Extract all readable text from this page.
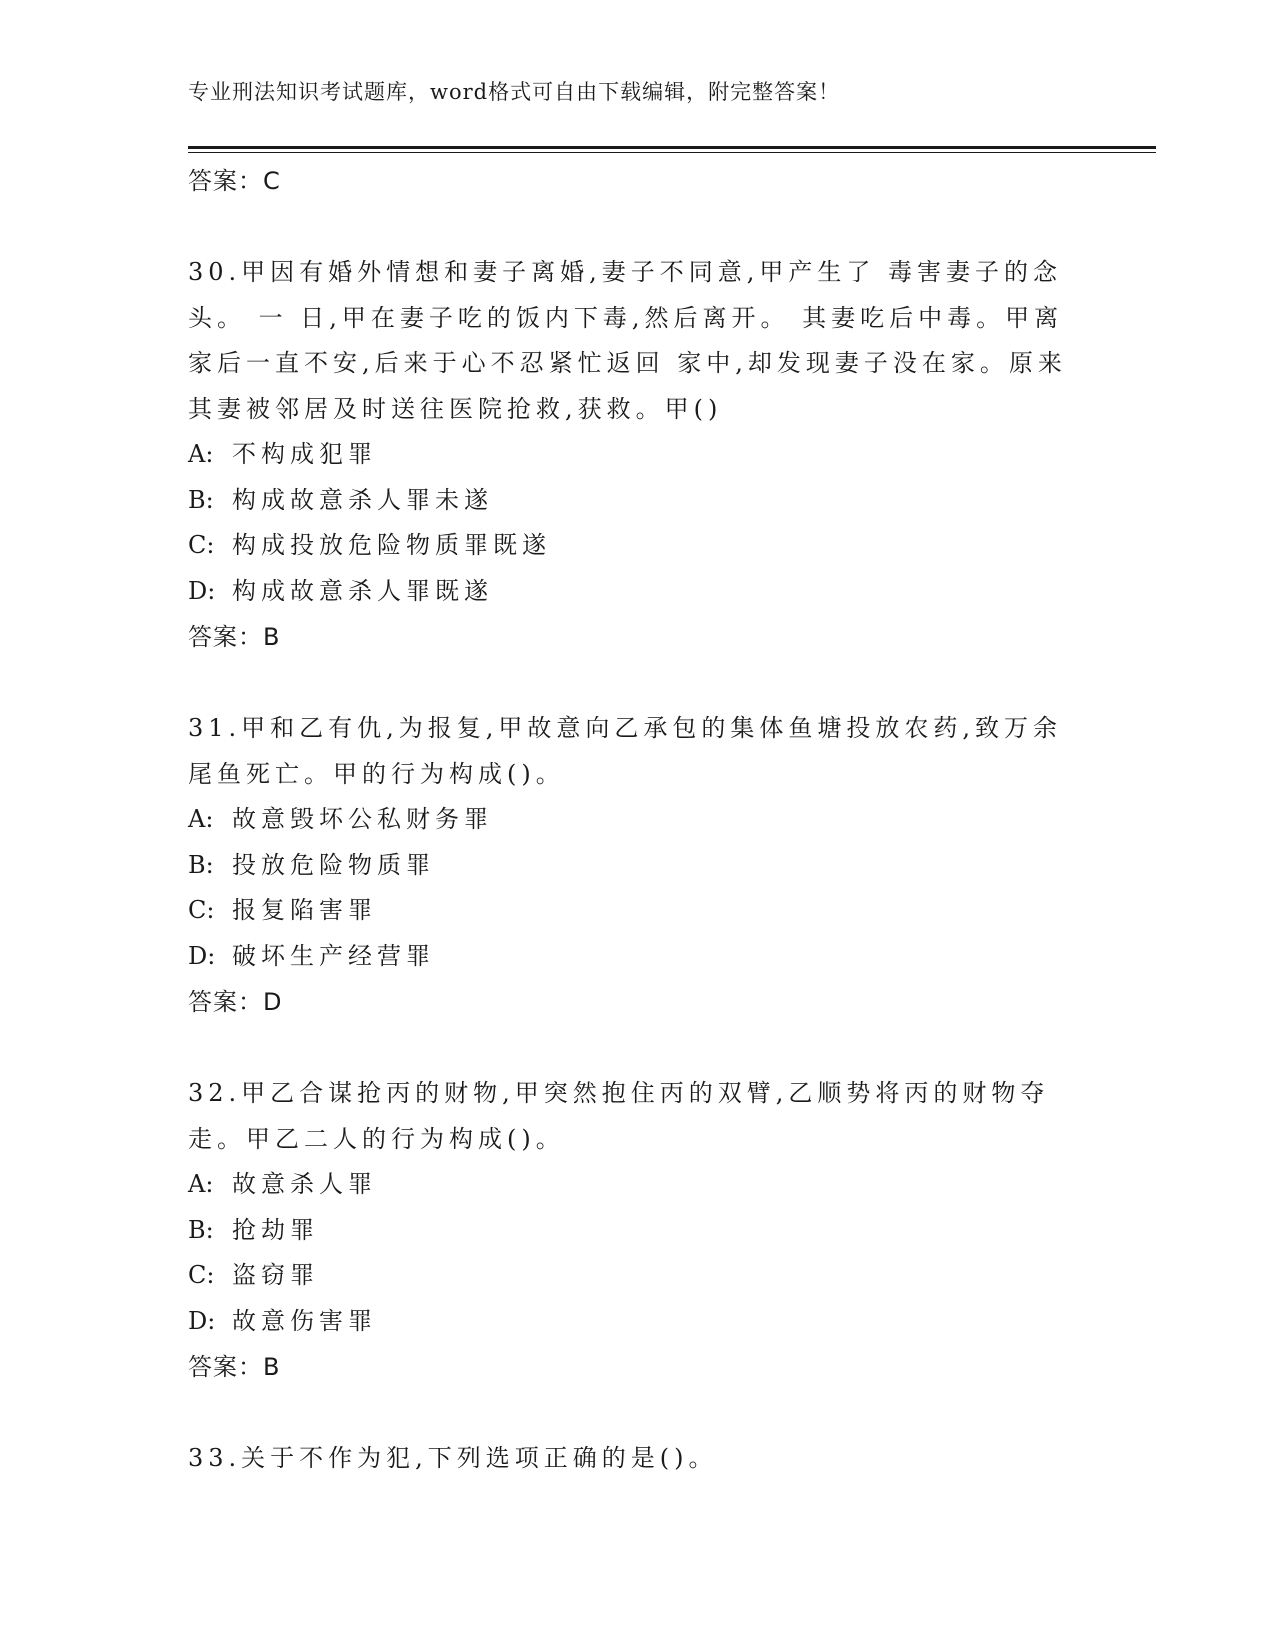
专业刑法知识考试题库，word格式可自由下载编辑，附完整答案！
答案：C

30.甲因有婚外情想和妻子离婚,妻子不同意,甲产生了 毒害妻子的念头。 一 日,甲在妻子吃的饭内下毒,然后离开。 其妻吃后中毒。甲离家后一直不安,后来于心不忍紧忙返回 家中,却发现妻子没在家。原来其妻被邻居及时送往医院抢救,获救。甲()

A: 不构成犯罪
B: 构成故意杀人罪未遂
C: 构成投放危险物质罪既遂
D: 构成故意杀人罪既遂
答案：B

31.甲和乙有仇,为报复,甲故意向乙承包的集体鱼塘投放农药,致万余尾鱼死亡。甲的行为构成()。

A: 故意毁坏公私财务罪
B: 投放危险物质罪
C: 报复陷害罪
D: 破坏生产经营罪
答案：D

32.甲乙合谋抢丙的财物,甲突然抱住丙的双臂,乙顺势将丙的财物夺走。甲乙二人的行为构成()。

A: 故意杀人罪
B: 抢劫罪
C: 盗窃罪
D: 故意伤害罪
答案：B

33.关于不作为犯,下列选项正确的是()。
